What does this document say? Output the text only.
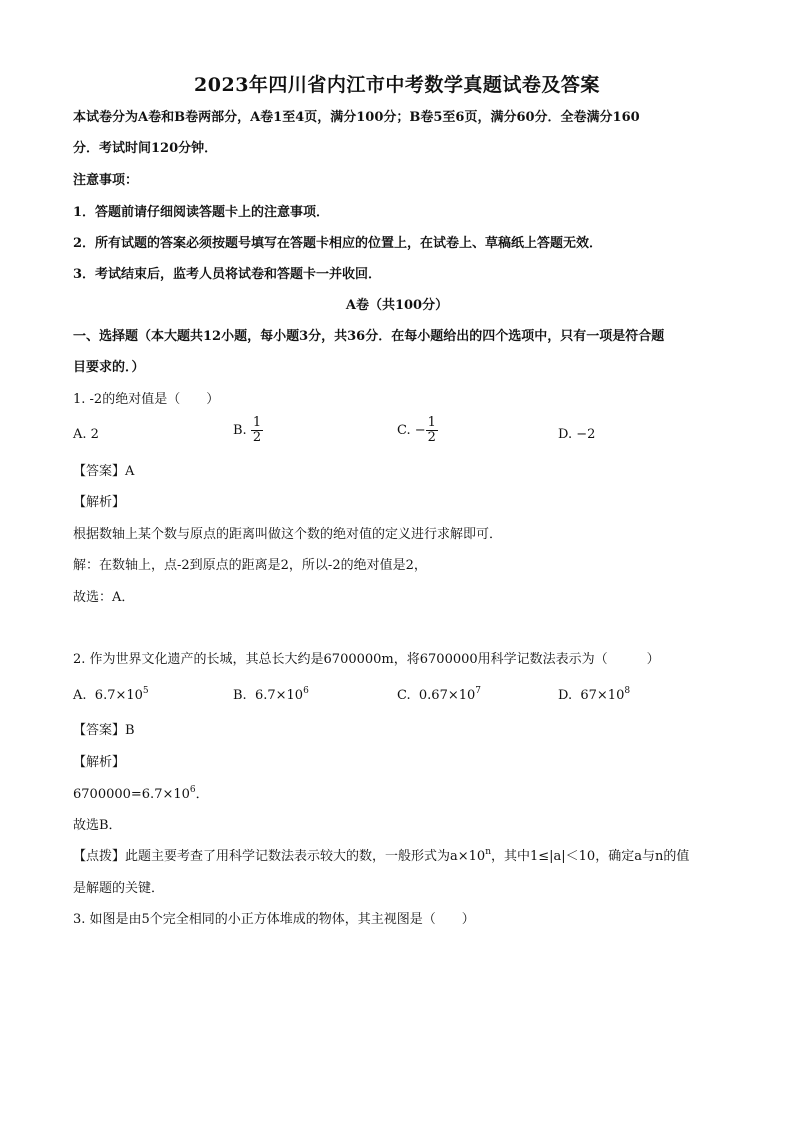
2023年四川省内江市中考数学真题试卷及答案
本试卷分为A卷和B卷两部分，A卷1至4页，满分100分；B卷5至6页，满分60分．全卷满分160
分．考试时间120分钟．
注意事项：
1．答题前请仔细阅读答题卡上的注意事项．
2．所有试题的答案必须按题号填写在答题卡相应的位置上，在试卷上、草稿纸上答题无效．
3．考试结束后，监考人员将试卷和答题卡一并收回．
A卷（共100分）
一、选择题（本大题共12小题，每小题3分，共36分．在每小题给出的四个选项中，只有一项是符合题
目要求的．）
1. -2的绝对值是（　　）
A. 2	B. $\frac{1}{2}$	C. − $\frac{1}{2}$	D. −2
【答案】A
【解析】
根据数轴上某个数与原点的距离叫做这个数的绝对值的定义进行求解即可．
解：在数轴上，点-2到原点的距离是2，所以-2的绝对值是2，
故选：A．
2. 作为世界文化遗产的长城，其总长大约是6700000m，将6700000用科学记数法表示为（　　　）
A. $6.7\times 10^5$	B. $6.7\times 10^6$	C. $0.67\times 10^7$	D. $67\times 10^8$
【答案】B
【解析】
$6700000=6.7\times 10^6$．
故选B．
【点拨】此题主要考查了用科学记数法表示较大的数，一般形式为$a\times 10^n$，其中1≤|a|＜10，确定a与n的值
是解题的关键．
3. 如图是由5个完全相同的小正方体堆成的物体，其主视图是（　　）
